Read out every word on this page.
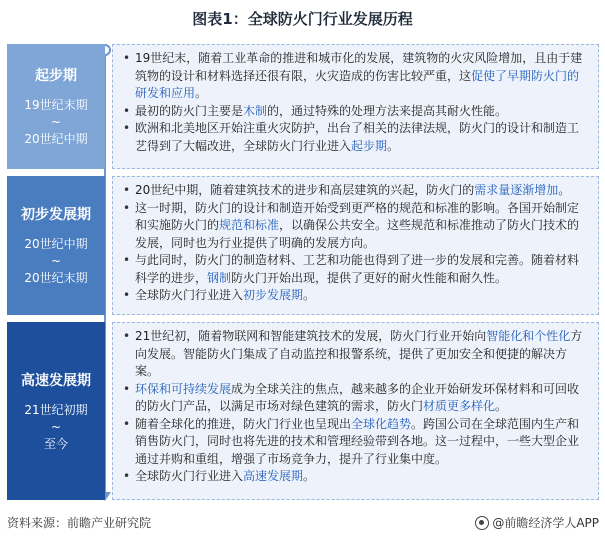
图表1：全球防火门行业发展历程
起步期
19世纪末期
~
20世纪中期
• 19世纪末，随着工业革命的推进和城市化的发展，建筑物的火灾风险增加，且由于建筑物的设计和材料选择还很有限，火灾造成的伤害比较严重，这促使了早期防火门的研发和应用。
• 最初的防火门主要是木制的，通过特殊的处理方法来提高其耐火性能。
• 欧洲和北美地区开始注重火灾防护，出台了相关的法律法规，防火门的设计和制造工艺得到了大幅改进，全球防火门行业进入起步期。
初步发展期
20世纪中期
~
20世纪末期
• 20世纪中期，随着建筑技术的进步和高层建筑的兴起，防火门的需求量逐渐增加。
• 这一时期，防火门的设计和制造开始受到更严格的规范和标准的影响。各国开始制定和实施防火门的规范和标准，以确保公共安全。这些规范和标准推动了防火门技术的发展，同时也为行业提供了明确的发展方向。
• 与此同时，防火门的制造材料、工艺和功能也得到了进一步的发展和完善。随着材料科学的进步，钢制防火门开始出现，提供了更好的耐火性能和耐久性。
• 全球防火门行业进入初步发展期。
高速发展期
21世纪初期
~
至今
• 21世纪初，随着物联网和智能建筑技术的发展，防火门行业开始向智能化和个性化方向发展。智能防火门集成了自动监控和报警系统，提供了更加安全和便捷的解决方案。
• 环保和可持续发展成为全球关注的焦点，越来越多的企业开始研发环保材料和可回收的防火门产品，以满足市场对绿色建筑的需求，防火门材质更多样化。
• 随着全球化的推进，防火门行业也呈现出全球化趋势。跨国公司在全球范围内生产和销售防火门，同时也将先进的技术和管理经验带到各地。这一过程中，一些大型企业通过并购和重组，增强了市场竞争力，提升了行业集中度。
• 全球防火门行业进入高速发展期。
资料来源：前瞻产业研究院	@前瞻经济学人APP
